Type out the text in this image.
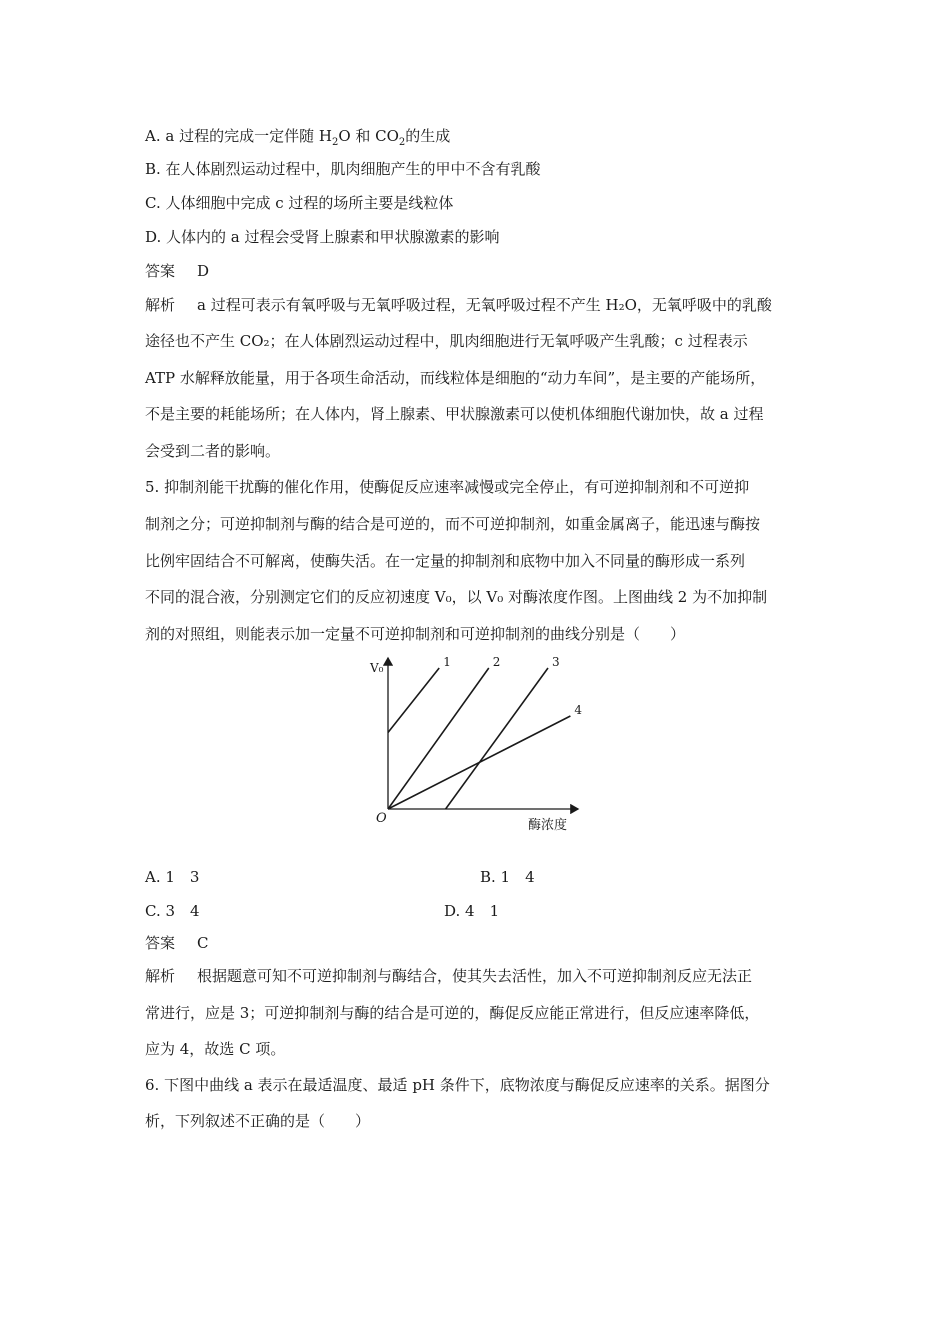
A. a 过程的完成一定伴随 $H_2O$ 和 $CO_2$的生成
B. 在人体剧烈运动过程中，肌肉细胞产生的甲中不含有乳酸
C. 人体细胞中完成 c 过程的场所主要是线粒体
D. 人体内的 a 过程会受肾上腺素和甲状腺激素的影响
答案 D
解析 a 过程可表示有氧呼吸与无氧呼吸过程，无氧呼吸过程不产生 H₂O，无氧呼吸中的乳酸
途径也不产生 CO₂；在人体剧烈运动过程中，肌肉细胞进行无氧呼吸产生乳酸；c 过程表示
ATP 水解释放能量，用于各项生命活动，而线粒体是细胞的“动力车间”，是主要的产能场所，
不是主要的耗能场所；在人体内，肾上腺素、甲状腺激素可以使机体细胞代谢加快，故 a 过程
会受到二者的影响。
5. 抑制剂能干扰酶的催化作用，使酶促反应速率减慢或完全停止，有可逆抑制剂和不可逆抑
制剂之分；可逆抑制剂与酶的结合是可逆的，而不可逆抑制剂，如重金属离子，能迅速与酶按
比例牢固结合不可解离，使酶失活。在一定量的抑制剂和底物中加入不同量的酶形成一系列
不同的混合液，分别测定它们的反应初速度 V₀，以 V₀ 对酶浓度作图。上图曲线 2 为不加抑制
剂的对照组，则能表示加一定量不可逆抑制剂和可逆抑制剂的曲线分别是（　　）
V₀
酶浓度
O
1	2	3
4
A. 1　3	B. 1　4
C. 3　4	D. 4　1
答案 C
解析 根据题意可知不可逆抑制剂与酶结合，使其失去活性，加入不可逆抑制剂反应无法正
常进行，应是 3；可逆抑制剂与酶的结合是可逆的，酶促反应能正常进行，但反应速率降低，
应为 4，故选 C 项。
6. 下图中曲线 a 表示在最适温度、最适 pH 条件下，底物浓度与酶促反应速率的关系。据图分
析，下列叙述不正确的是（　　）
